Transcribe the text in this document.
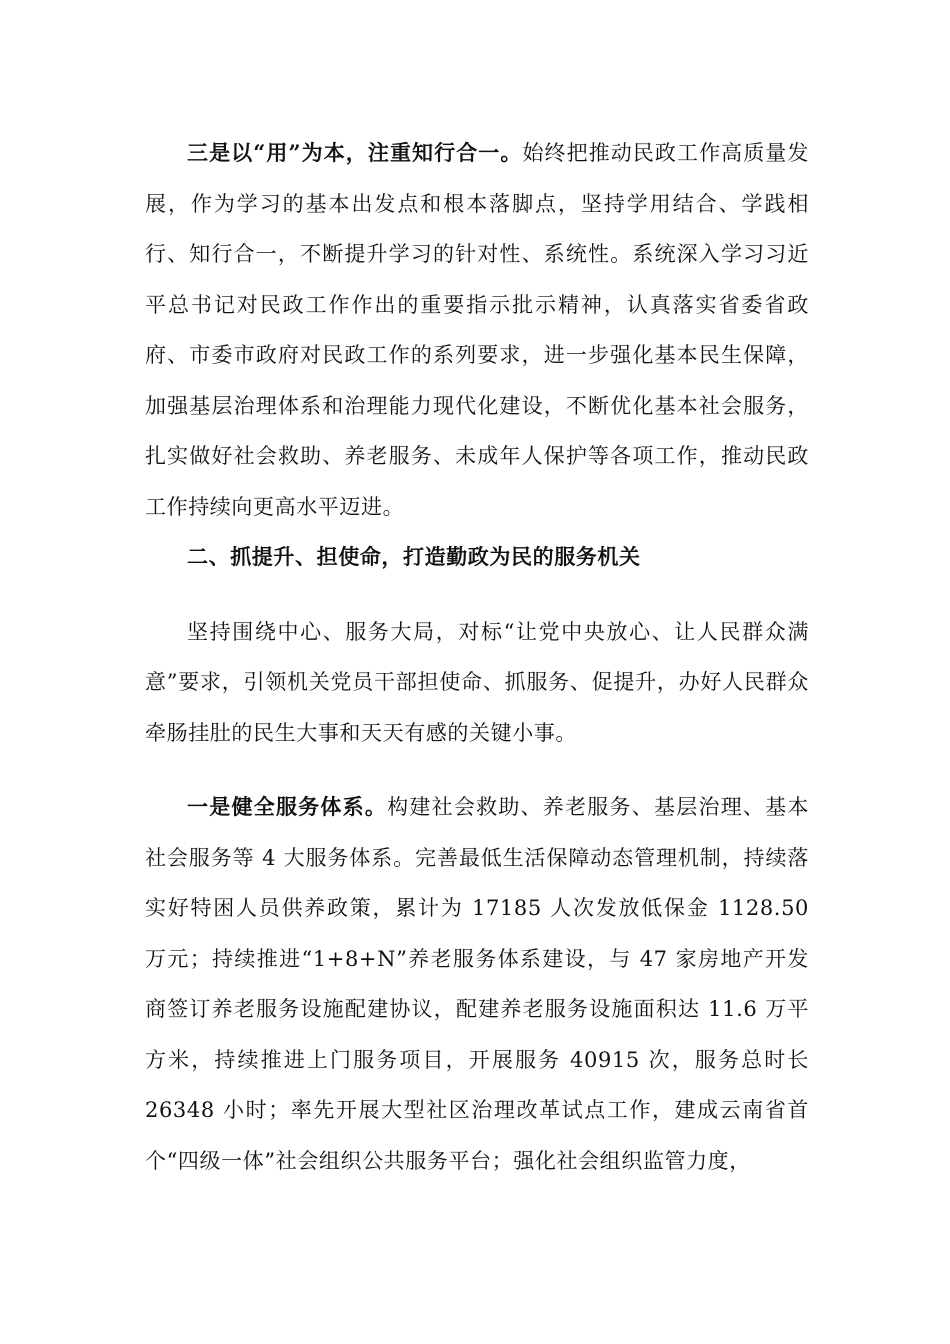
三是以“用”为本，注重知行合一。始终把推动民政工作高质量发展，作为学习的基本出发点和根本落脚点，坚持学用结合、学践相行、知行合一，不断提升学习的针对性、系统性。系统深入学习习近平总书记对民政工作作出的重要指示批示精神，认真落实省委省政府、市委市政府对民政工作的系列要求，进一步强化基本民生保障，加强基层治理体系和治理能力现代化建设，不断优化基本社会服务，扎实做好社会救助、养老服务、未成年人保护等各项工作，推动民政工作持续向更高水平迈进。

二、抓提升、担使命，打造勤政为民的服务机关

坚持围绕中心、服务大局，对标“让党中央放心、让人民群众满意”要求，引领机关党员干部担使命、抓服务、促提升，办好人民群众牵肠挂肚的民生大事和天天有感的关键小事。

一是健全服务体系。构建社会救助、养老服务、基层治理、基本社会服务等 4 大服务体系。完善最低生活保障动态管理机制，持续落实好特困人员供养政策，累计为 17185 人次发放低保金 1128.50 万元；持续推进“1+8+N”养老服务体系建设，与 47 家房地产开发商签订养老服务设施配建协议，配建养老服务设施面积达 11.6 万平方米，持续推进上门服务项目，开展服务 40915 次，服务总时长 26348 小时；率先开展大型社区治理改革试点工作，建成云南省首个“四级一体”社会组织公共服务平台；强化社会组织监管力度，
